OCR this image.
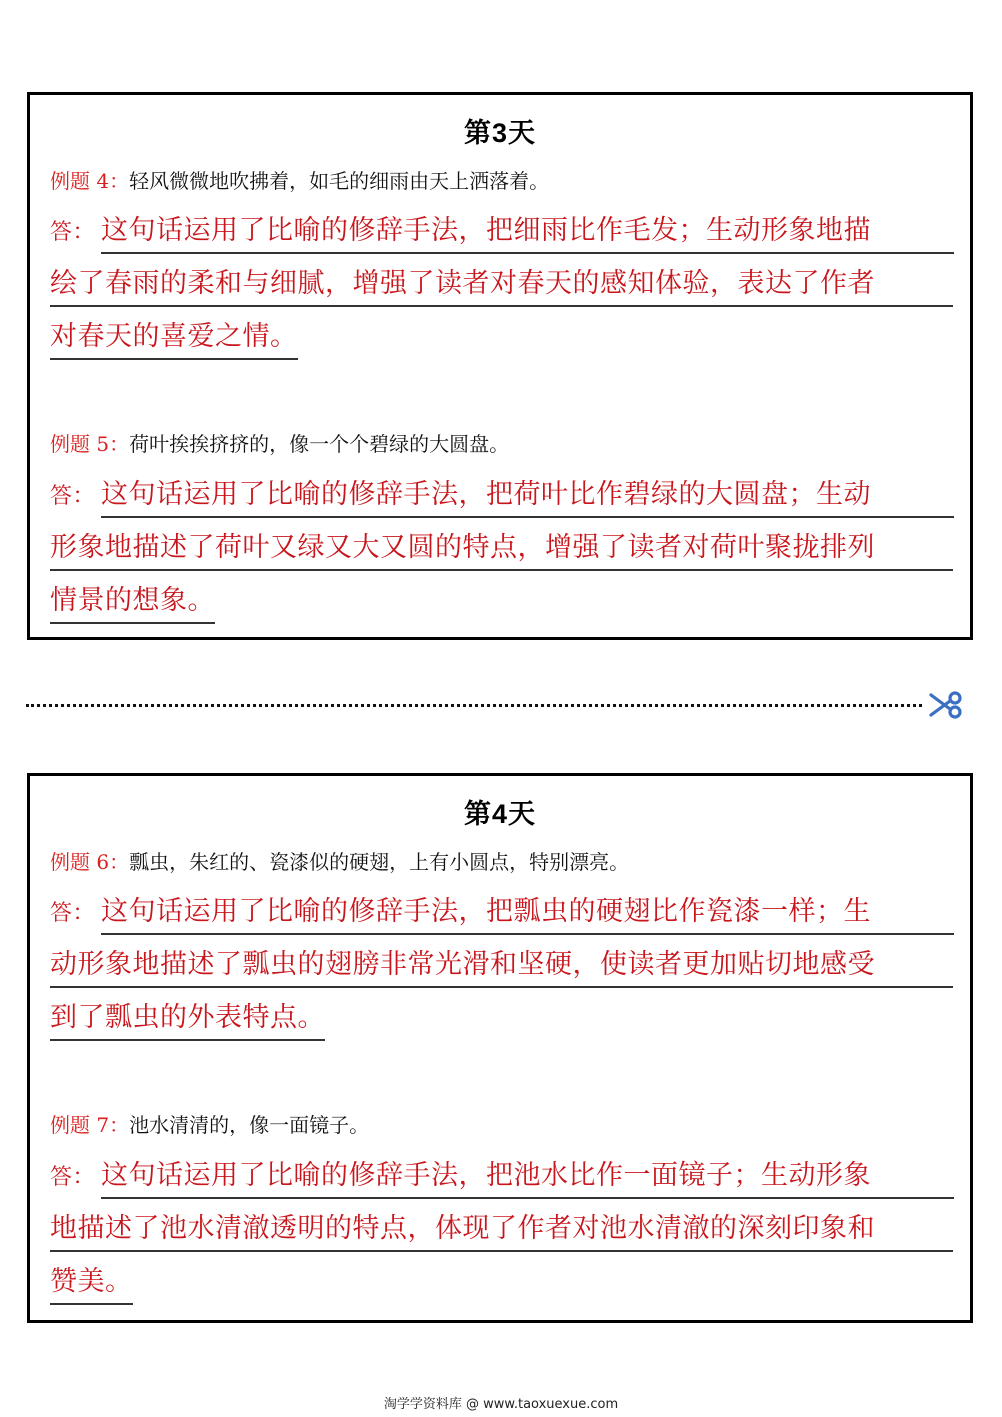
第3天
例题 4：轻风微微地吹拂着，如毛的细雨由天上洒落着。
答： 这句话运用了比喻的修辞手法，把细雨比作毛发；生动形象地描
绘了春雨的柔和与细腻，增强了读者对春天的感知体验，表达了作者
对春天的喜爱之情。
例题 5：荷叶挨挨挤挤的，像一个个碧绿的大圆盘。
答： 这句话运用了比喻的修辞手法，把荷叶比作碧绿的大圆盘；生动
形象地描述了荷叶又绿又大又圆的特点，增强了读者对荷叶聚拢排列
情景的想象。
第4天
例题 6：瓢虫，朱红的、瓷漆似的硬翅，上有小圆点，特别漂亮。
答： 这句话运用了比喻的修辞手法，把瓢虫的硬翅比作瓷漆一样；生
动形象地描述了瓢虫的翅膀非常光滑和坚硬，使读者更加贴切地感受
到了瓢虫的外表特点。
例题 7：池水清清的，像一面镜子。
答： 这句话运用了比喻的修辞手法，把池水比作一面镜子；生动形象
地描述了池水清澈透明的特点，体现了作者对池水清澈的深刻印象和
赞美。
淘学学资料库 @ www.taoxuexue.com
